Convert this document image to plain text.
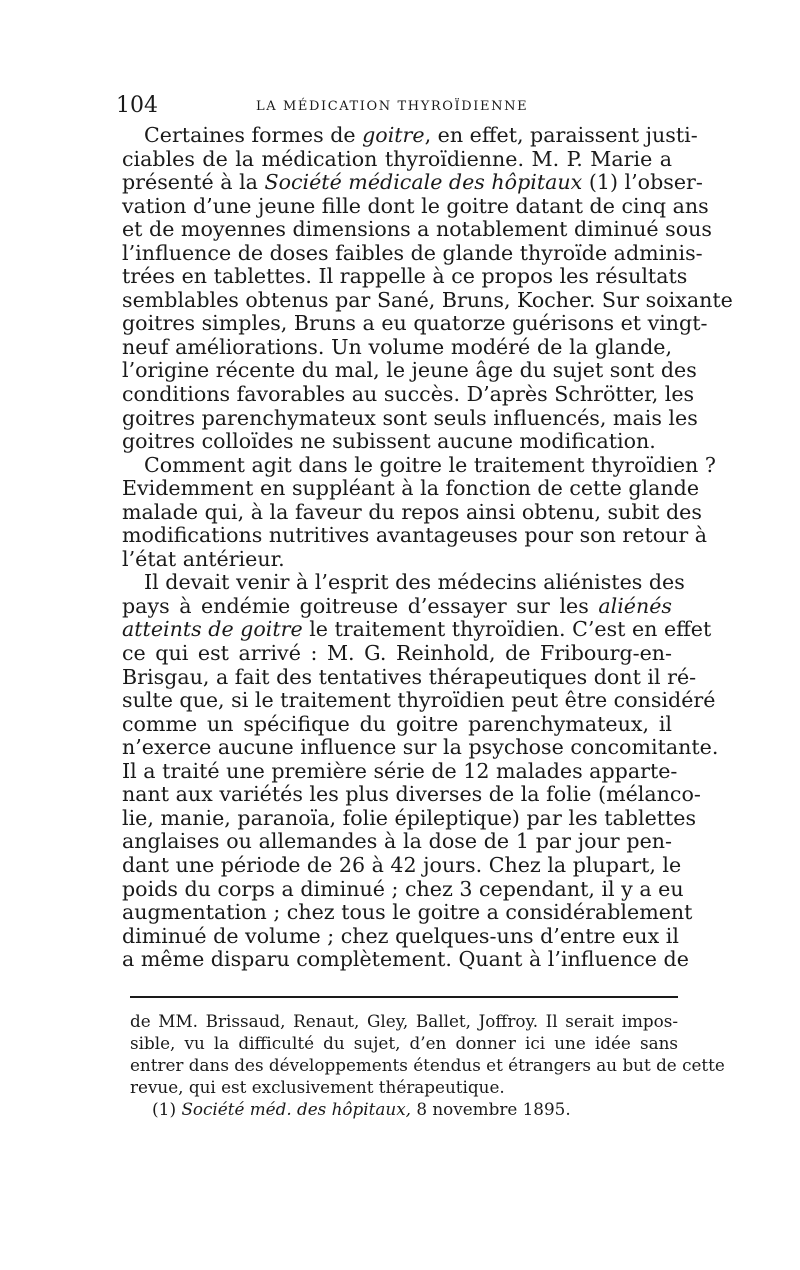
104	LA MÉDICATION THYROÏDIENNE
Certaines formes de goitre, en effet, paraissent justi-
ciables de la médication thyroïdienne. M. P. Marie a
présenté à la Société médicale des hôpitaux (1) l’obser-
vation d’une jeune fille dont le goitre datant de cinq ans
et de moyennes dimensions a notablement diminué sous
l’influence de doses faibles de glande thyroïde adminis-
trées en tablettes. Il rappelle à ce propos les résultats
semblables obtenus par Sané, Bruns, Kocher. Sur soixante
goitres simples, Bruns a eu quatorze guérisons et vingt-
neuf améliorations. Un volume modéré de la glande,
l’origine récente du mal, le jeune âge du sujet sont des
conditions favorables au succès. D’après Schrötter, les
goitres parenchymateux sont seuls influencés, mais les
goitres colloïdes ne subissent aucune modification.
Comment agit dans le goitre le traitement thyroïdien ?
Evidemment en suppléant à la fonction de cette glande
malade qui, à la faveur du repos ainsi obtenu, subit des
modifications nutritives avantageuses pour son retour à
l’état antérieur.
Il devait venir à l’esprit des médecins aliénistes des
pays à endémie goitreuse d’essayer sur les aliénés
atteints de goitre le traitement thyroïdien. C’est en effet
ce qui est arrivé : M. G. Reinhold, de Fribourg-en-
Brisgau, a fait des tentatives thérapeutiques dont il ré-
sulte que, si le traitement thyroïdien peut être considéré
comme un spécifique du goitre parenchymateux, il
n’exerce aucune influence sur la psychose concomitante.
Il a traité une première série de 12 malades apparte-
nant aux variétés les plus diverses de la folie (mélanco-
lie, manie, paranoïa, folie épileptique) par les tablettes
anglaises ou allemandes à la dose de 1 par jour pen-
dant une période de 26 à 42 jours. Chez la plupart, le
poids du corps a diminué ; chez 3 cependant, il y a eu
augmentation ; chez tous le goitre a considérablement
diminué de volume ; chez quelques-uns d’entre eux il
a même disparu complètement. Quant à l’influence de
de MM. Brissaud, Renaut, Gley, Ballet, Joffroy. Il serait impos-
sible, vu la difficulté du sujet, d’en donner ici une idée sans
entrer dans des développements étendus et étrangers au but de cette
revue, qui est exclusivement thérapeutique.
(1) Société méd. des hôpitaux, 8 novembre 1895.
